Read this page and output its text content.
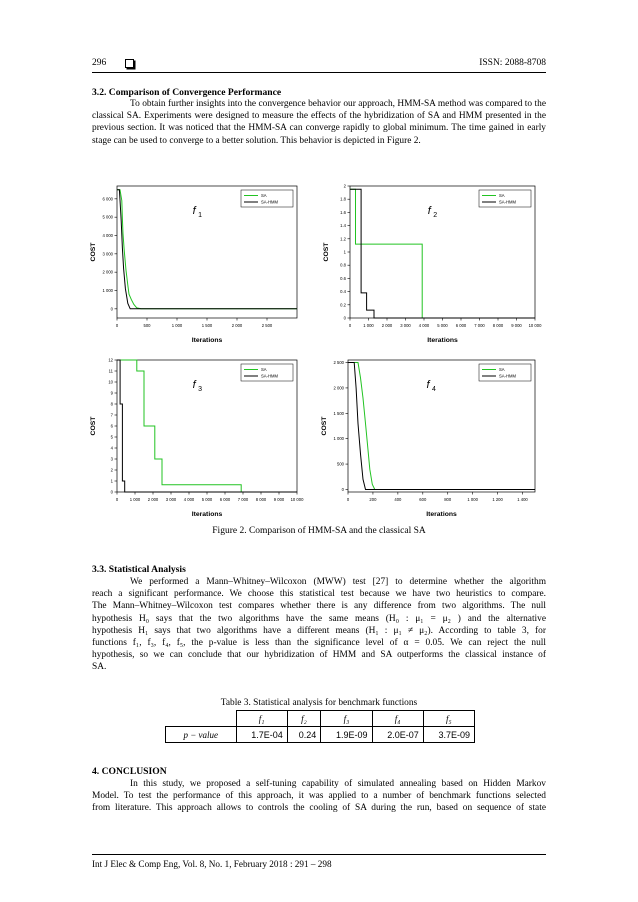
296	ISSN: 2088-8708
3.2. Comparison of Convergence Performance

To obtain further insights into the convergence behavior our approach, HMM-SA method was compared to the classical SA. Experiments were designed to measure the effects of the hybridization of SA and HMM presented in the previous section. It was noticed that the HMM-SA can converge rapidly to global minimum. The time gained in early stage can be used to converge to a better solution. This behavior is depicted in Figure 2.

0	500	1 000	1 500	2 000	2 500
0
1 000
2 000
3 000
4 000
5 000
6 000
Iterations
COST
SA
SA-HMM
f 1
0	1 000 2 000 3 000 4 000 5 000 6 000 7 000 8 000 9 000 10 000
0
0.2
0.4
0.6
0.8
1
1.2
1.4
1.6
1.8
2
Iterations
COST
SA
SA-HMM
f 2
0	1 000 2 000 3 000 4 000 5 000 6 000 7 000 8 000 9 000 10 000
0
1
2
3
4
5
6
7
8
9
10
11
12
Iterations
COST
SA
SA-HMM
f 3
0	200	400	600	800	1 000	1 200	1 400
0
500
1 000
1 500
2 000
2 500
Iterations
COST
SA
SA-HMM
f 4
Figure 2. Comparison of HMM-SA and the classical SA
3.3. Statistical Analysis
We performed a Mann–Whitney–Wilcoxon (MWW) test [27] to determine whether the algorithm
reach a significant performance. We choose this statistical test because we have two heuristics to compare.
The Mann–Whitney–Wilcoxon test compares whether there is any difference from two algorithms. The null
hypothesis H₀ says that the two algorithms have the same means (H₀ : μ₁ = μ₂ ) and the alternative
hypothesis H₁ says that two algorithms have a different means (H₁ : μ₁ ≠ μ₂). According to table 3, for
functions f₁, f₃, f₄, f₅, the p-value is less than the significance level of α = 0.05. We can reject the null
hypothesis, so we can conclude that our hybridization of HMM and SA outperforms the classical instance of
SA.
Table 3. Statistical analysis for benchmark functions
	f₁	f₂	f₃	f₄	f₅
p − value	1.7E-04	0.24	1.9E-09	2.0E-07	3.7E-09
4. CONCLUSION
In this study, we proposed a self-tuning capability of simulated annealing based on Hidden Markov
Model. To test the performance of this approach, it was applied to a number of benchmark functions selected
from literature. This approach allows to controls the cooling of SA during the run, based on sequence of state
Int J Elec & Comp Eng, Vol. 8, No. 1, February 2018 : 291 – 298
